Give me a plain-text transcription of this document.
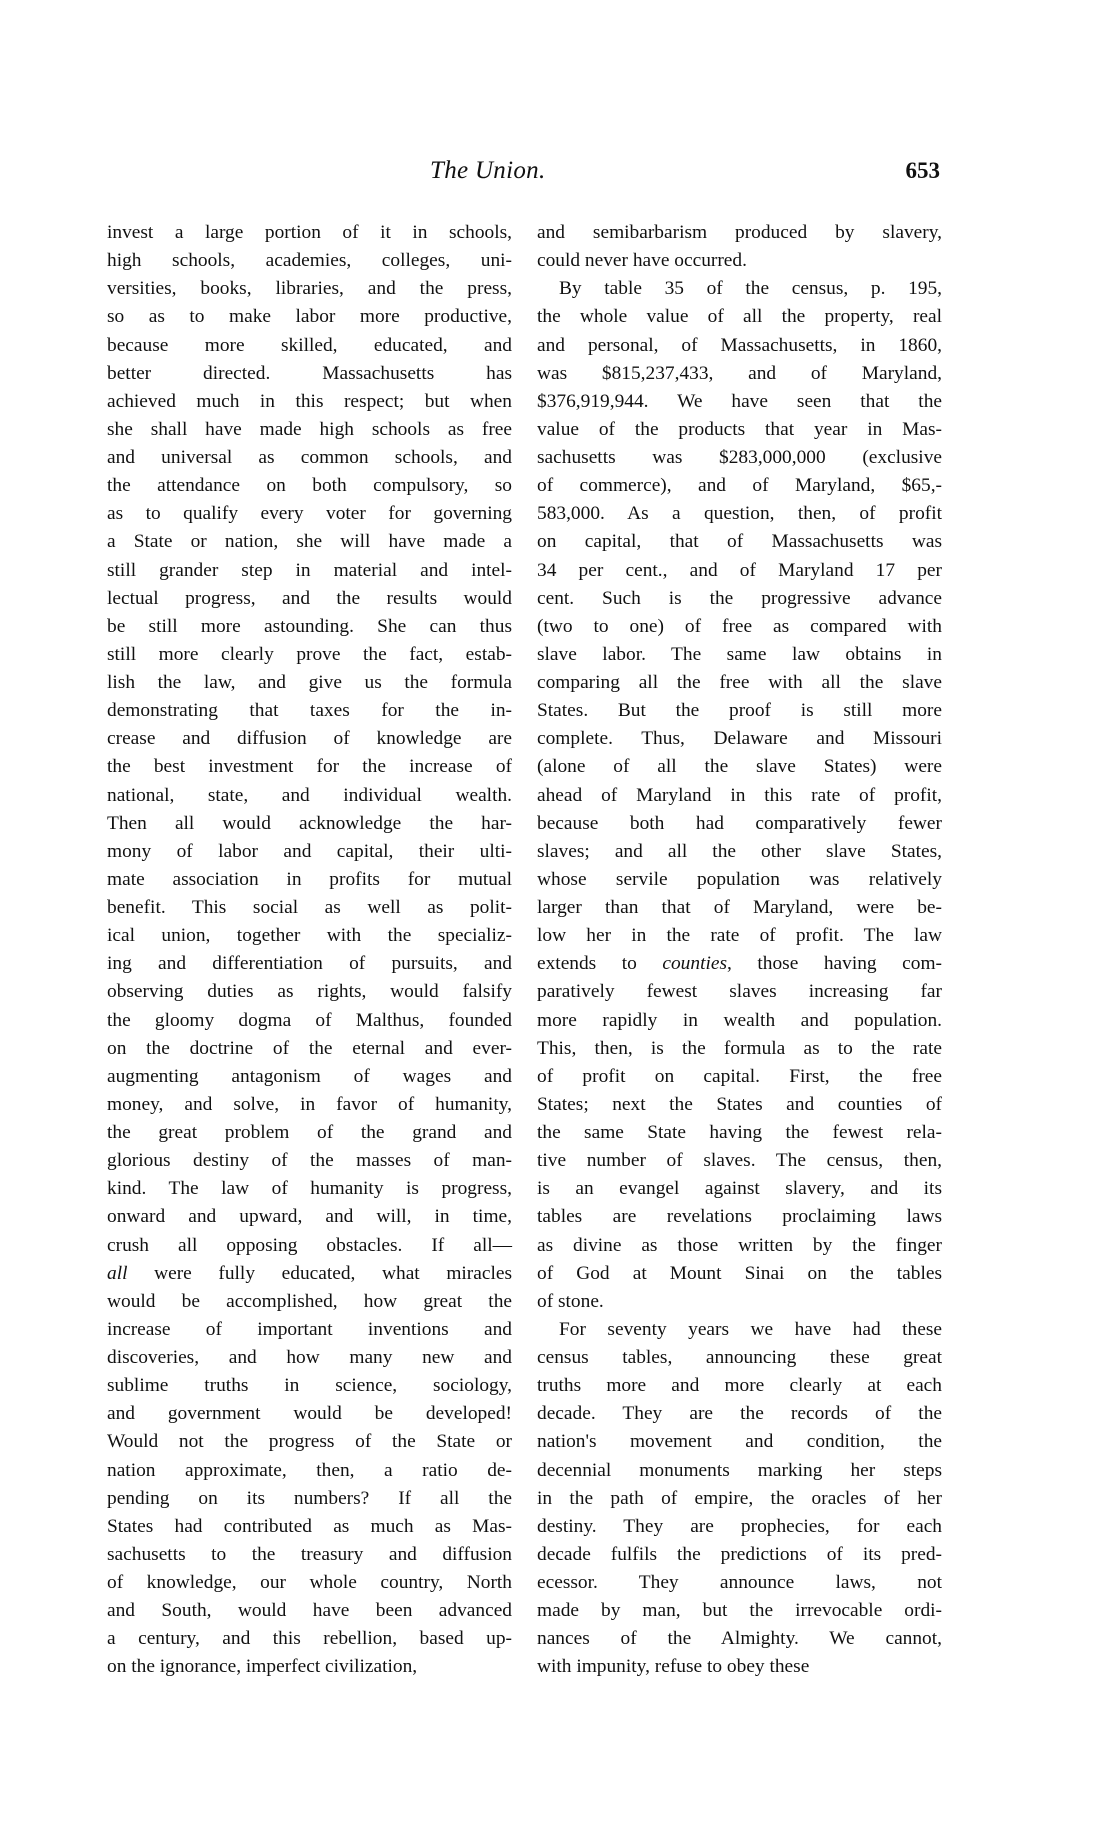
The Union.	653
invest a large portion of it in schools,
high schools, academies, colleges, uni-
versities, books, libraries, and the press,
so as to make labor more productive,
because more skilled, educated, and
better directed. Massachusetts has
achieved much in this respect; but when
she shall have made high schools as free
and universal as common schools, and
the attendance on both compulsory, so
as to qualify every voter for governing
a State or nation, she will have made a
still grander step in material and intel-
lectual progress, and the results would
be still more astounding. She can thus
still more clearly prove the fact, estab-
lish the law, and give us the formula
demonstrating that taxes for the in-
crease and diffusion of knowledge are
the best investment for the increase of
national, state, and individual wealth.
Then all would acknowledge the har-
mony of labor and capital, their ulti-
mate association in profits for mutual
benefit. This social as well as polit-
ical union, together with the specializ-
ing and differentiation of pursuits, and
observing duties as rights, would falsify
the gloomy dogma of Malthus, founded
on the doctrine of the eternal and ever-
augmenting antagonism of wages and
money, and solve, in favor of humanity,
the great problem of the grand and
glorious destiny of the masses of man-
kind. The law of humanity is progress,
onward and upward, and will, in time,
crush all opposing obstacles. If all—
all were fully educated, what miracles
would be accomplished, how great the
increase of important inventions and
discoveries, and how many new and
sublime truths in science, sociology,
and government would be developed!
Would not the progress of the State or
nation approximate, then, a ratio de-
pending on its numbers? If all the
States had contributed as much as Mas-
sachusetts to the treasury and diffusion
of knowledge, our whole country, North
and South, would have been advanced
a century, and this rebellion, based up-
on the ignorance, imperfect civilization,
and semibarbarism produced by slavery,
could never have occurred.
By table 35 of the census, p. 195,
the whole value of all the property, real
and personal, of Massachusetts, in 1860,
was $815,237,433, and of Maryland,
$376,919,944. We have seen that the
value of the products that year in Mas-
sachusetts was $283,000,000 (exclusive
of commerce), and of Maryland, $65,-
583,000. As a question, then, of profit
on capital, that of Massachusetts was
34 per cent., and of Maryland 17 per
cent. Such is the progressive advance
(two to one) of free as compared with
slave labor. The same law obtains in
comparing all the free with all the slave
States. But the proof is still more
complete. Thus, Delaware and Missouri
(alone of all the slave States) were
ahead of Maryland in this rate of profit,
because both had comparatively fewer
slaves; and all the other slave States,
whose servile population was relatively
larger than that of Maryland, were be-
low her in the rate of profit. The law
extends to counties, those having com-
paratively fewest slaves increasing far
more rapidly in wealth and population.
This, then, is the formula as to the rate
of profit on capital. First, the free
States; next the States and counties of
the same State having the fewest rela-
tive number of slaves. The census, then,
is an evangel against slavery, and its
tables are revelations proclaiming laws
as divine as those written by the finger
of God at Mount Sinai on the tables
of stone.
For seventy years we have had these
census tables, announcing these great
truths more and more clearly at each
decade. They are the records of the
nation's movement and condition, the
decennial monuments marking her steps
in the path of empire, the oracles of her
destiny. They are prophecies, for each
decade fulfils the predictions of its pred-
ecessor. They announce laws, not
made by man, but the irrevocable ordi-
nances of the Almighty. We cannot,
with impunity, refuse to obey these
